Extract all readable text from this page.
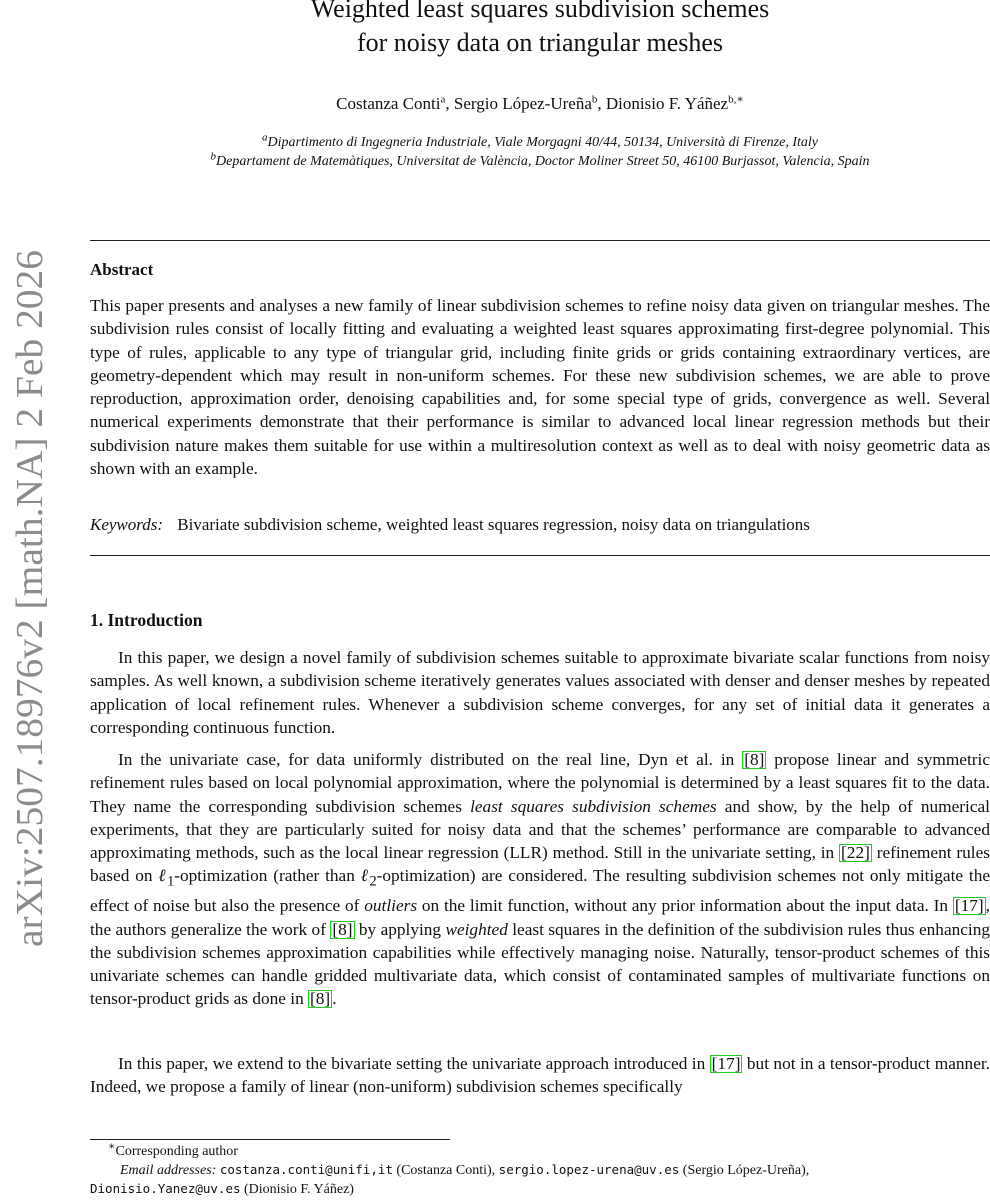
arXiv:2507.18976v2 [math.NA] 2 Feb 2026
Weighted least squares subdivision schemes
for noisy data on triangular meshes
Costanza Conti$^a$, Sergio López-Ureña$^b$, Dionisio F. Yáñez$^{b,∗}$
$^a$Dipartimento di Ingegneria Industriale, Viale Morgagni 40/44, 50134, Università di Firenze, Italy
$^b$Departament de Matemàtiques, Universitat de València, Doctor Moliner Street 50, 46100 Burjassot, Valencia, Spain
Abstract

This paper presents and analyses a new family of linear subdivision schemes to refine noisy data given on triangular meshes. The subdivision rules consist of locally fitting and evaluating a weighted least squares approximating first-degree polynomial. This type of rules, applicable to any type of triangular grid, including finite grids or grids containing extraordinary vertices, are geometry-dependent which may result in non-uniform schemes. For these new subdivision schemes, we are able to prove reproduction, approximation order, denoising capabilities and, for some special type of grids, convergence as well. Several numerical experiments demonstrate that their performance is similar to advanced local linear regression methods but their subdivision nature makes them suitable for use within a multiresolution context as well as to deal with noisy geometric data as shown with an example.

Keywords: Bivariate subdivision scheme, weighted least squares regression, noisy data on triangulations
1. Introduction

In this paper, we design a novel family of subdivision schemes suitable to approximate bivariate scalar functions from noisy samples. As well known, a subdivision scheme iteratively generates values associated with denser and denser meshes by repeated application of local refinement rules. Whenever a subdivision scheme converges, for any set of initial data it generates a corresponding continuous function.

In the univariate case, for data uniformly distributed on the real line, Dyn et al. in [8] propose linear and symmetric refinement rules based on local polynomial approximation, where the polynomial is determined by a least squares fit to the data. They name the corresponding subdivision schemes least squares subdivision schemes and show, by the help of numerical experiments, that they are particularly suited for noisy data and that the schemes’ performance are comparable to advanced approximating methods, such as the local linear regression (LLR) method. Still in the univariate setting, in [22] refinement rules based on ℓ$_1$-optimization (rather than ℓ$_2$-optimization) are considered. The resulting subdivision schemes not only mitigate the effect of noise but also the presence of outliers on the limit function, without any prior information about the input data. In [17] , the authors generalize the work of [8] by applying weighted least squares in the definition of the subdivision rules thus enhancing the subdivision schemes approximation capabilities while effectively managing noise. Naturally, tensor-product schemes of this univariate schemes can handle gridded multivariate data, which consist of contaminated samples of multivariate functions on tensor-product grids as done in [8] .

In this paper, we extend to the bivariate setting the univariate approach introduced in [17] but not in a tensor-product manner. Indeed, we propose a family of linear (non-uniform) subdivision schemes specifically

∗Corresponding author
Email addresses: costanza.conti@unifi,it (Costanza Conti), sergio.lopez-urena@uv.es (Sergio López-Ureña),
Dionisio.Yanez@uv.es (Dionisio F. Yáñez)
